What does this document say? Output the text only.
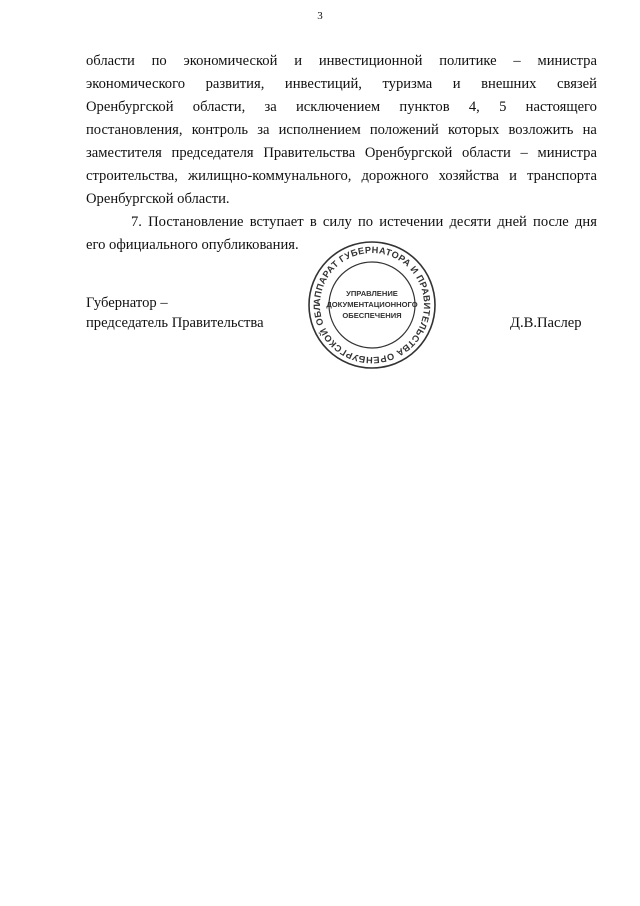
3
области по экономической и инвестиционной политике – министра
экономического развития, инвестиций, туризма и внешних связей
Оренбургской области, за исключением пунктов 4, 5 настоящего
постановления, контроль за исполнением положений которых возложить на
заместителя председателя Правительства Оренбургской области – министра
строительства, жилищно-коммунального, дорожного хозяйства и транспорта
Оренбургской области.
7. Постановление вступает в силу по истечении десяти дней после дня
его официального опубликования.
Губернатор –
председатель Правительства
АППАРАТ ГУБЕРНАТОРА И ПРАВИТЕЛЬСТВА ОРЕНБУРГСКОЙ ОБЛ
УПРАВЛЕНИЕ
ДОКУМЕНТАЦИОННОГО
ОБЕСПЕЧЕНИЯ	Д.В.Паслер
